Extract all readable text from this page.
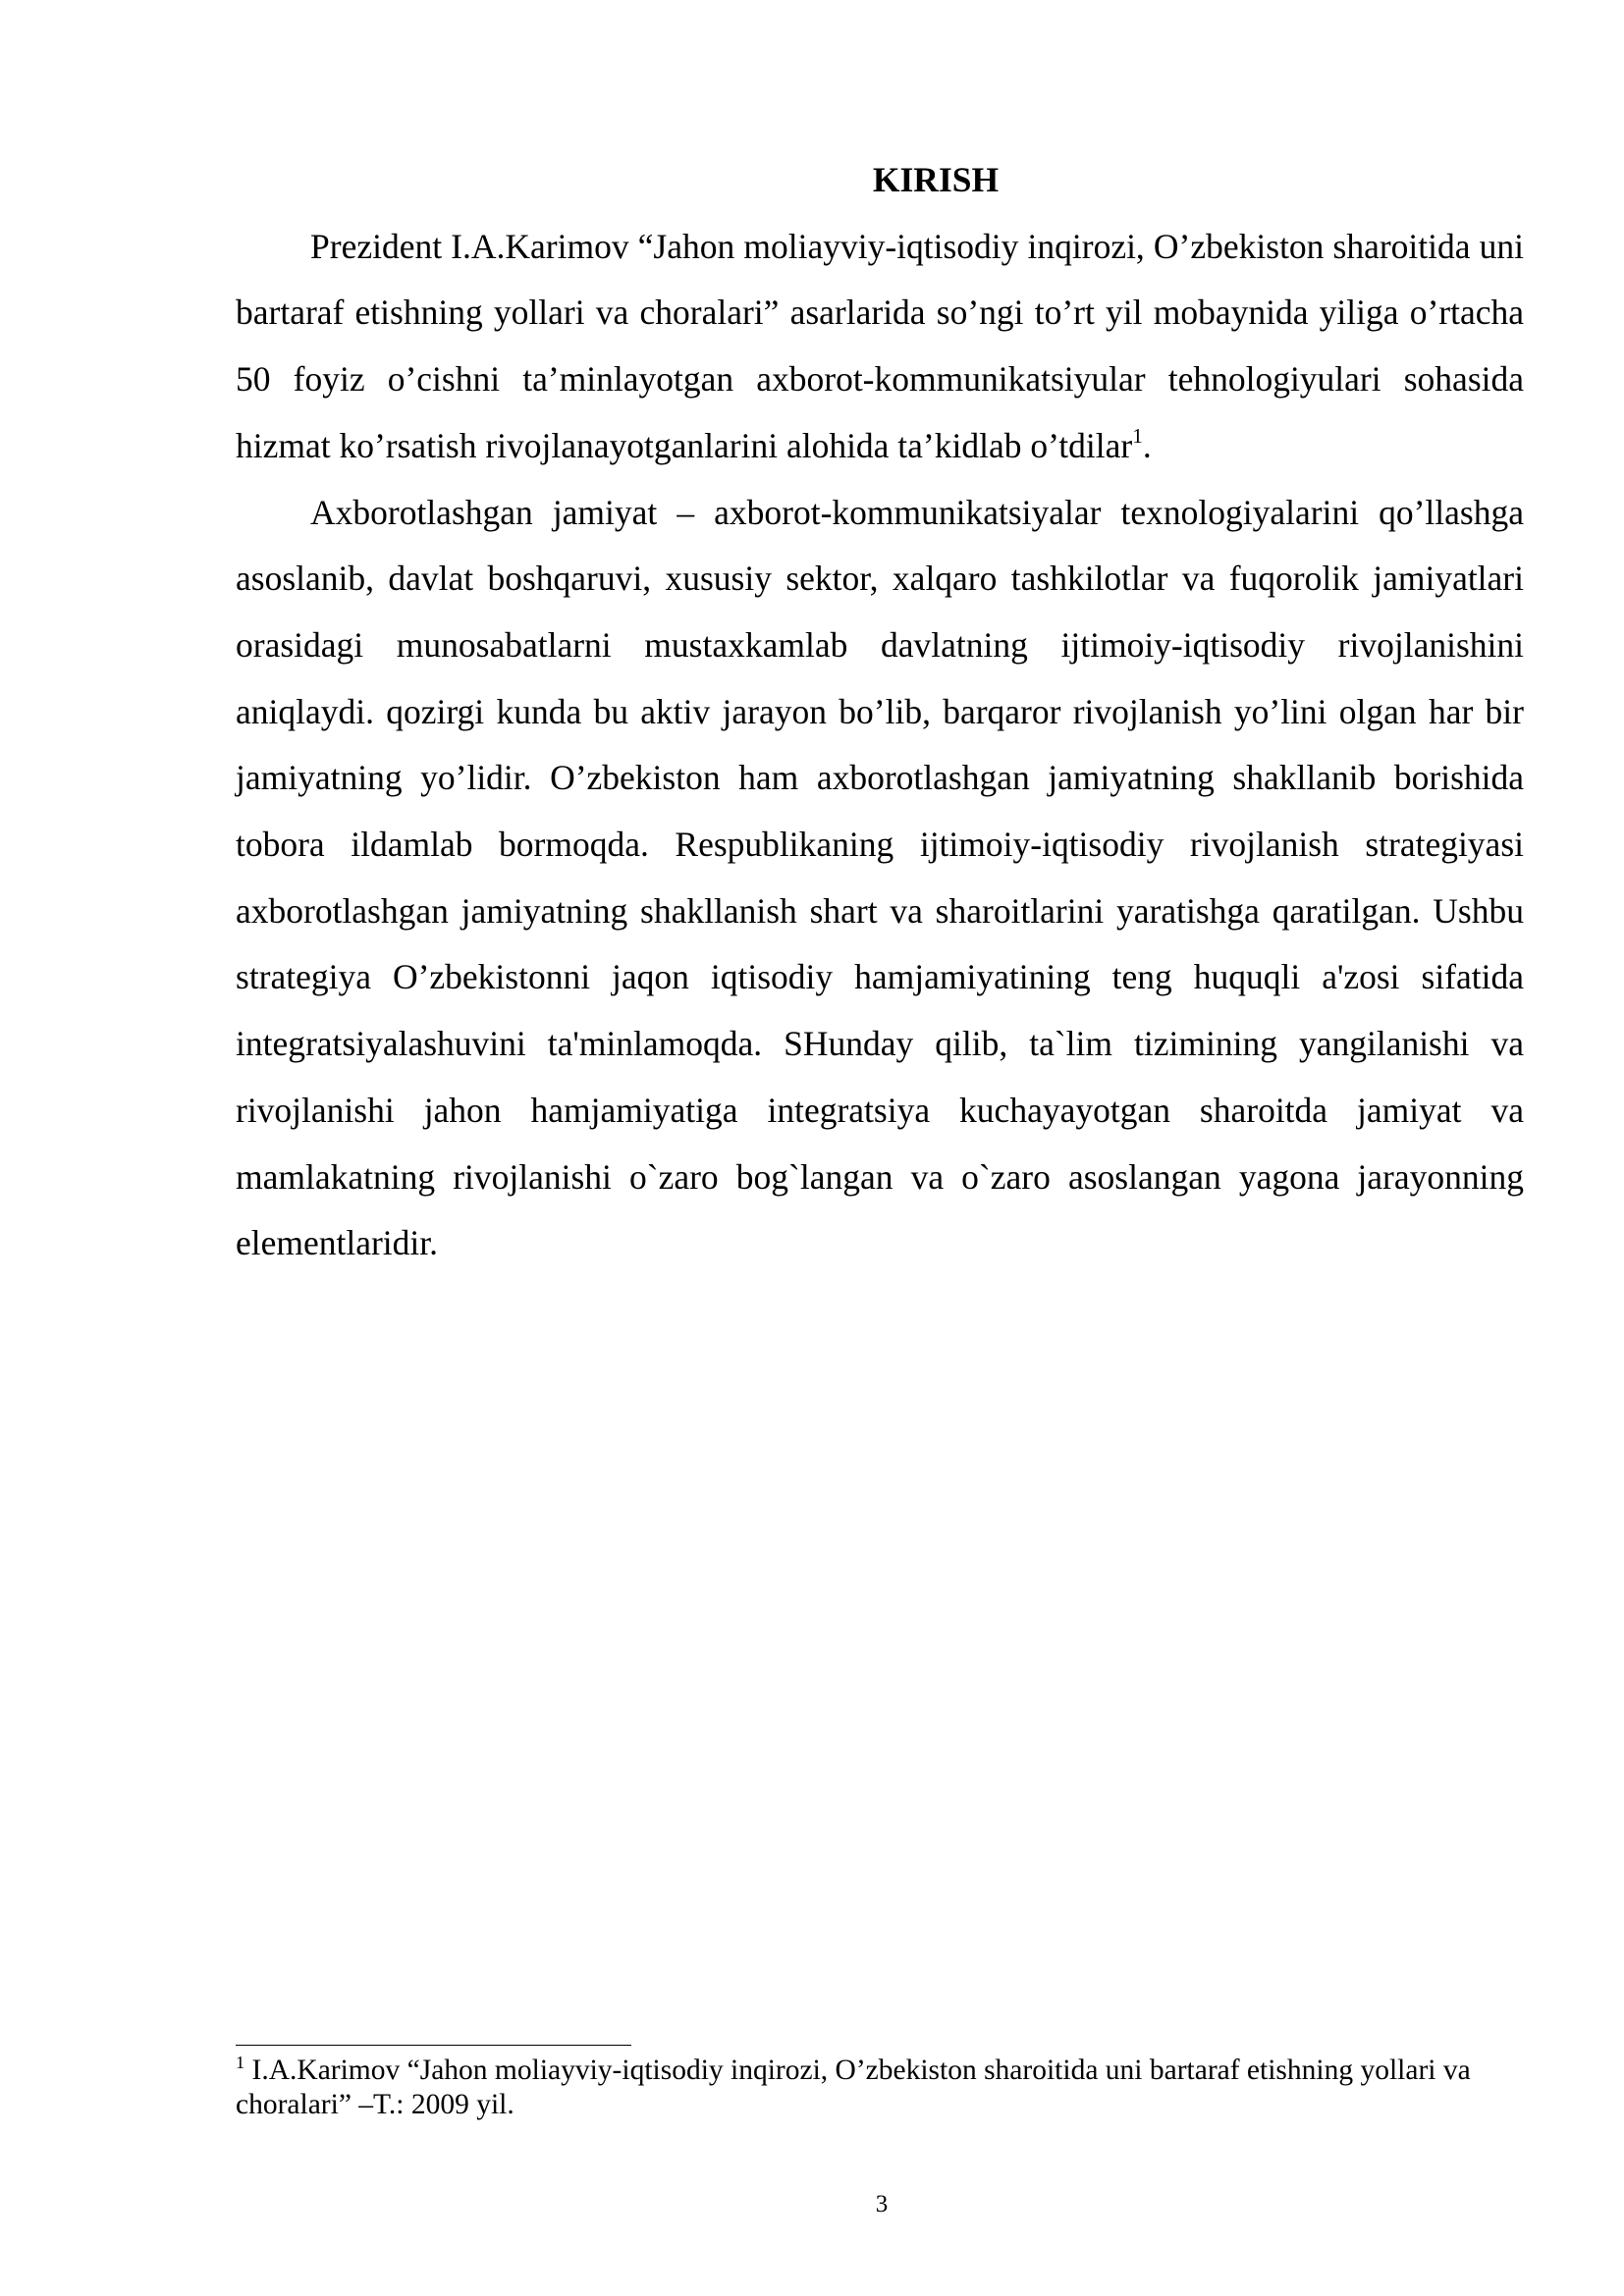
KIRISH

Prezident I.A.Karimov “Jahon moliayviy-iqtisodiy inqirozi, O’zbekiston sharoitida uni bartaraf etishning yollari va choralari” asarlarida so’ngi to’rt yil mobaynida yiliga o’rtacha 50 foyiz o’cishni ta’minlayotgan axborot-kommunikatsiyular tehnologiyulari sohasida hizmat ko’rsatish rivojlanayotganlarini alohida ta’kidlab o’tdilar$^1$.

Axborotlashgan jamiyat – axborot-kommunikatsiyalar texnologiyalarini qo’llashga asoslanib, davlat boshqaruvi, xususiy sektor, xalqaro tashkilotlar va fuqorolik jamiyatlari orasidagi munosabatlarni mustaxkamlab davlatning ijtimoiy-iqtisodiy rivojlanishini aniqlaydi. qozirgi kunda bu aktiv jarayon bo’lib, barqaror rivojlanish yo’lini olgan har bir jamiyatning yo’lidir. O’zbekiston ham axborotlashgan jamiyatning shakllanib borishida tobora ildamlab bormoqda. Respublikaning ijtimoiy-iqtisodiy rivojlanish strategiyasi axborotlashgan jamiyatning shakllanish shart va sharoitlarini yaratishga qaratilgan. Ushbu strategiya O’zbekistonni jaqon iqtisodiy hamjamiyatining teng huquqli a'zosi sifatida integratsiyalashuvini ta'minlamoqda. SHunday qilib, ta`lim tizimining yangilanishi va rivojlanishi jahon hamjamiyatiga integratsiya kuchayayotgan sharoitda jamiyat va mamlakatning rivojlanishi o`zaro bog`langan va o`zaro asoslangan yagona jarayonning elementlaridir.

$^1$ I.A.Karimov “Jahon moliayviy-iqtisodiy inqirozi, O’zbekiston sharoitida uni bartaraf etishning yollari va choralari” –T.: 2009 yil.

3
